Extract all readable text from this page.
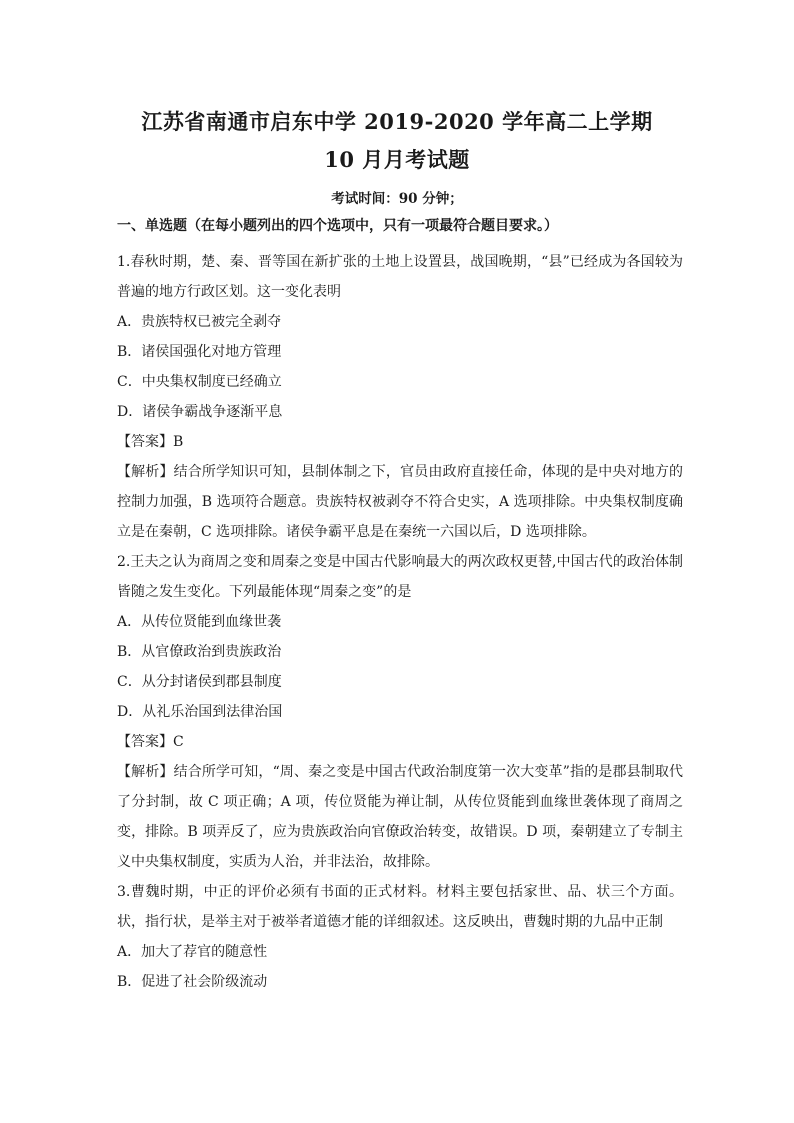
江苏省南通市启东中学 2019-2020 学年高二上学期
10 月月考试题
考试时间：90 分钟；
一、单选题（在每小题列出的四个选项中，只有一项最符合题目要求。）

1.春秋时期，楚、秦、晋等国在新扩张的土地上设置县，战国晚期，“县”已经成为各国较为普遍的地方行政区划。这一变化表明

A．贵族特权已被完全剥夺

B．诸侯国强化对地方管理

C．中央集权制度已经确立

D．诸侯争霸战争逐渐平息

【答案】B

【解析】结合所学知识可知，县制体制之下，官员由政府直接任命，体现的是中央对地方的控制力加强，B 选项符合题意。贵族特权被剥夺不符合史实，A 选项排除。中央集权制度确立是在秦朝，C 选项排除。诸侯争霸平息是在秦统一六国以后，D 选项排除。

2.王夫之认为商周之变和周秦之变是中国古代影响最大的两次政权更替,中国古代的政治体制皆随之发生变化。下列最能体现“周秦之变”的是

A．从传位贤能到血缘世袭

B．从官僚政治到贵族政治

C．从分封诸侯到郡县制度

D．从礼乐治国到法律治国

【答案】C

【解析】结合所学可知，“周、秦之变是中国古代政治制度第一次大变革”指的是郡县制取代了分封制，故 C 项正确；A 项，传位贤能为禅让制，从传位贤能到血缘世袭体现了商周之变，排除。B 项弄反了，应为贵族政治向官僚政治转变，故错误。D 项，秦朝建立了专制主义中央集权制度，实质为人治，并非法治，故排除。

3.曹魏时期，中正的评价必须有书面的正式材料。材料主要包括家世、品、状三个方面。状，指行状，是举主对于被举者道德才能的详细叙述。这反映出，曹魏时期的九品中正制

A．加大了荐官的随意性

B．促进了社会阶级流动
